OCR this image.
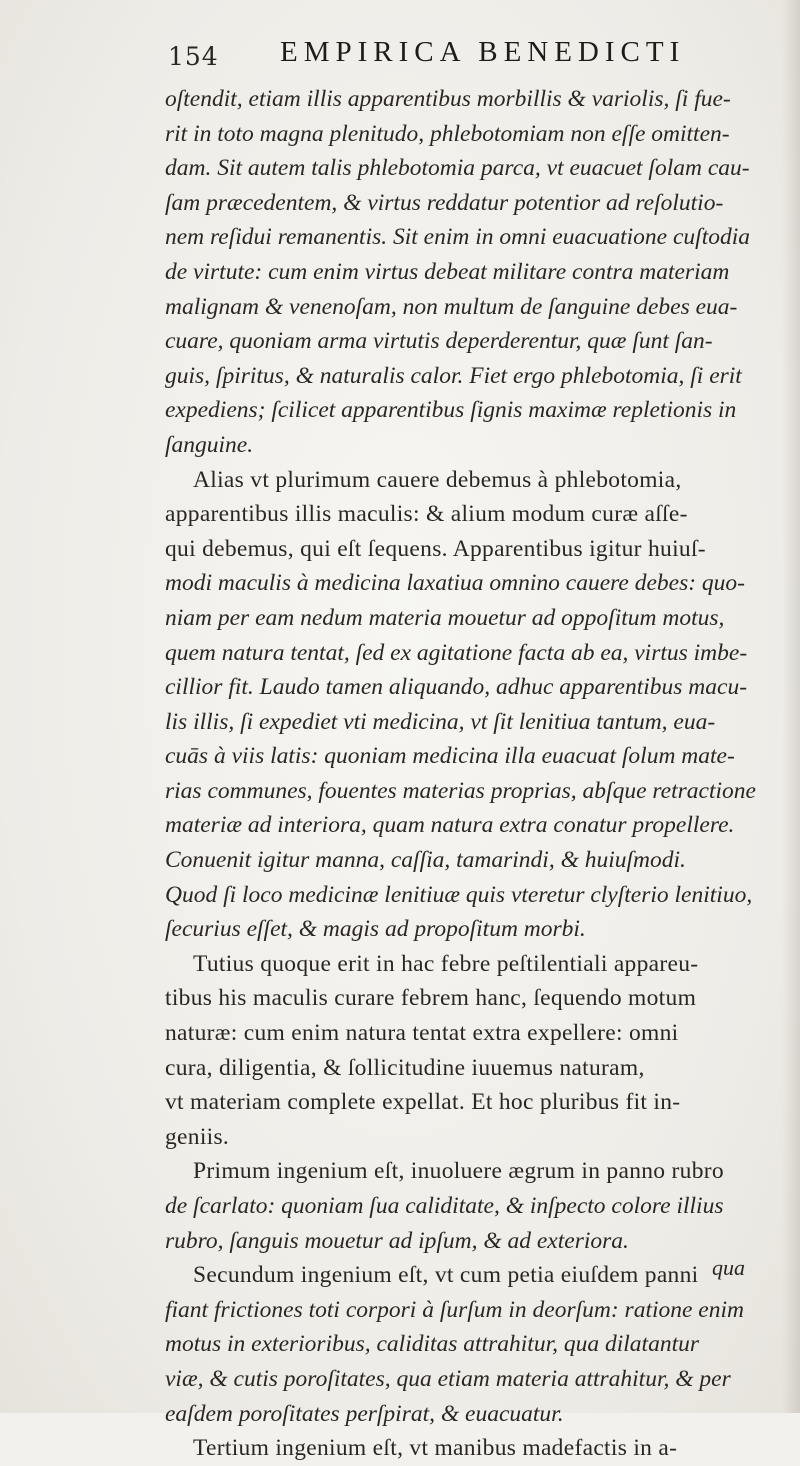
154 EMPIRICA BENEDICTI
oſtendit, etiam illis apparentibus morbillis & variolis, ſi fue-
rit in toto magna plenitudo, phlebotomiam non eſſe omitten-
dam. Sit autem talis phlebotomia parca, vt euacuet ſolam cau-
ſam præcedentem, & virtus reddatur potentior ad reſolutio-
nem reſidui remanentis. Sit enim in omni euacuatione cuſtodia
de virtute: cum enim virtus debeat militare contra materiam
malignam & venenoſam, non multum de ſanguine debes eua-
cuare, quoniam arma virtutis deperderentur, quæ ſunt ſan-
guis, ſpiritus, & naturalis calor. Fiet ergo phlebotomia, ſi erit
expediens; ſcilicet apparentibus ſignis maximæ repletionis in
ſanguine.
Alias vt plurimum cauere debemus à phlebotomia,
apparentibus illis maculis: & alium modum curæ aſſe-
qui debemus, qui eſt ſequens. Apparentibus igitur huiuſ-
modi maculis à medicina laxatiua omnino cauere debes: quo-
niam per eam nedum materia mouetur ad oppoſitum motus,
quem natura tentat, ſed ex agitatione facta ab ea, virtus imbe-
cillior fit. Laudo tamen aliquando, adhuc apparentibus macu-
lis illis, ſi expediet vti medicina, vt ſit lenitiua tantum, eua-
cuās à viis latis: quoniam medicina illa euacuat ſolum mate-
rias communes, fouentes materias proprias, abſque retractione
materiæ ad interiora, quam natura extra conatur propellere.
Conuenit igitur manna, caſſia, tamarindi, & huiuſmodi.
Quod ſi loco medicinæ lenitiuæ quis vteretur clyſterio lenitiuo,
ſecurius eſſet, & magis ad propoſitum morbi.
Tutius quoque erit in hac febre peſtilentiali appareu-
tibus his maculis curare febrem hanc, ſequendo motum
naturæ: cum enim natura tentat extra expellere: omni
cura, diligentia, & ſollicitudine iuuemus naturam,
vt materiam complete expellat. Et hoc pluribus fit in-
geniis.
Primum ingenium eſt, inuoluere ægrum in panno rubro
de ſcarlato: quoniam ſua caliditate, & inſpecto colore illius
rubro, ſanguis mouetur ad ipſum, & ad exteriora.
Secundum ingenium eſt, vt cum petia eiuſdem panni
fiant frictiones toti corpori à ſurſum in deorſum: ratione enim
motus in exterioribus, caliditas attrahitur, qua dilatantur
viæ, & cutis poroſitates, qua etiam materia attrahitur, & per
eaſdem poroſitates perſpirat, & euacuatur.
Tertium ingenium eſt, vt manibus madefactis in a-
qua
